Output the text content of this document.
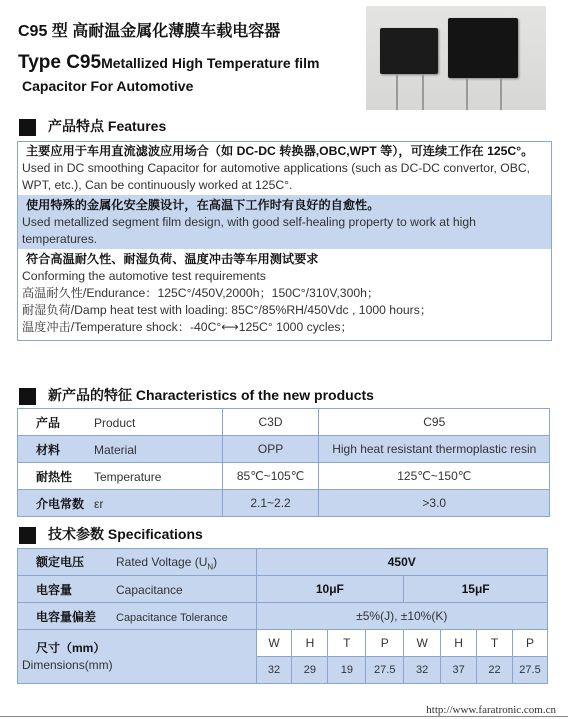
C95 型 高耐温金属化薄膜车载电容器
Type C95Metallized High Temperature film
Capacitor For Automotive
产品特点 Features
主要应用于车用直流滤波应用场合（如 DC-DC 转换器,OBC,WPT 等），可连续工作在 125C°。
Used in DC smoothing Capacitor for automotive applications (such as DC-DC convertor, OBC, WPT, etc.), Can be continuously worked at 125C°.
使用特殊的金属化安全膜设计，在高温下工作时有良好的自愈性。
Used metallized segment film design, with good self-healing property to work at high temperatures.
符合高温耐久性、耐湿负荷、温度冲击等车用测试要求
Conforming the automotive test requirements
高温耐久性/Endurance：125C°/450V,2000h；150C°/310V,300h；
耐湿负荷/Damp heat test with loading: 85C°/85%RH/450Vdc , 1000 hours；
温度冲击/Temperature shock：-40C°⟷125C° 1000 cycles；
新产品的特征 Characteristics of the new products
产品 Product	C3D	C95
材料 Material	OPP	High heat resistant thermoplastic resin
耐热性 Temperature	85℃~105℃	125℃~150℃
介电常数 εr	2.1~2.2	>3.0
技术参数 Specifications
额定电压 Rated Voltage $(U_N)$	450V							
电容量 Capacitance	10μF				15μF			
电容量偏差 Capacitance Tolerance	±5%(J), ±10%(K)							

尺寸（mm）
Dimensions(mm)	W	H	T	P	W	H	T	P
	32	29	19	27.5	32	37	22	27.5
http://www.faratronic.com.cn
